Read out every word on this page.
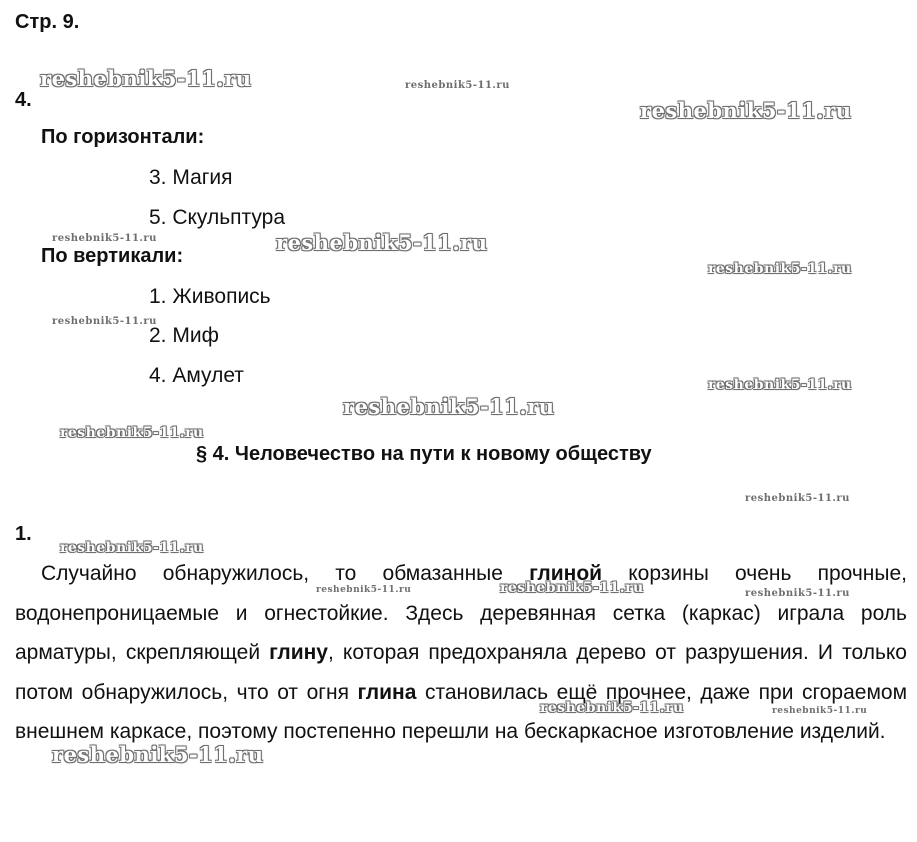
reshebnik5-11.ru	reshebnik5-11.ru
reshebnik5-11.ru
reshebnik5-11.ru	reshebnik5-11.ru
reshebnik5-11.ru
reshebnik5-11.ru
reshebnik5-11.ru
reshebnik5-11.ru
reshebnik5-11.ru
reshebnik5-11.ru
reshebnik5-11.ru
reshebnik5-11.ru	reshebnik5-11.ru	reshebnik5-11.ru
reshebnik5-11.ru	reshebnik5-11.ru
reshebnik5-11.ru
Стр. 9.
4.
По горизонтали:
3. Магия
5. Скульптура
По вертикали:
1. Живопись
2. Миф
4. Амулет
§ 4. Человечество на пути к новому обществу
1.
Случайно обнаружилось, то обмазанные глиной корзины очень прочные, водонепроницаемые и огнестойкие. Здесь деревянная сетка (каркас) играла роль арматуры, скрепляющей глину, которая предохраняла дерево от разрушения. И только потом обнаружилось, что от огня глина становилась ещё прочнее, даже при сгораемом внешнем каркасе, поэтому постепенно перешли на бескаркасное изготовление изделий.
